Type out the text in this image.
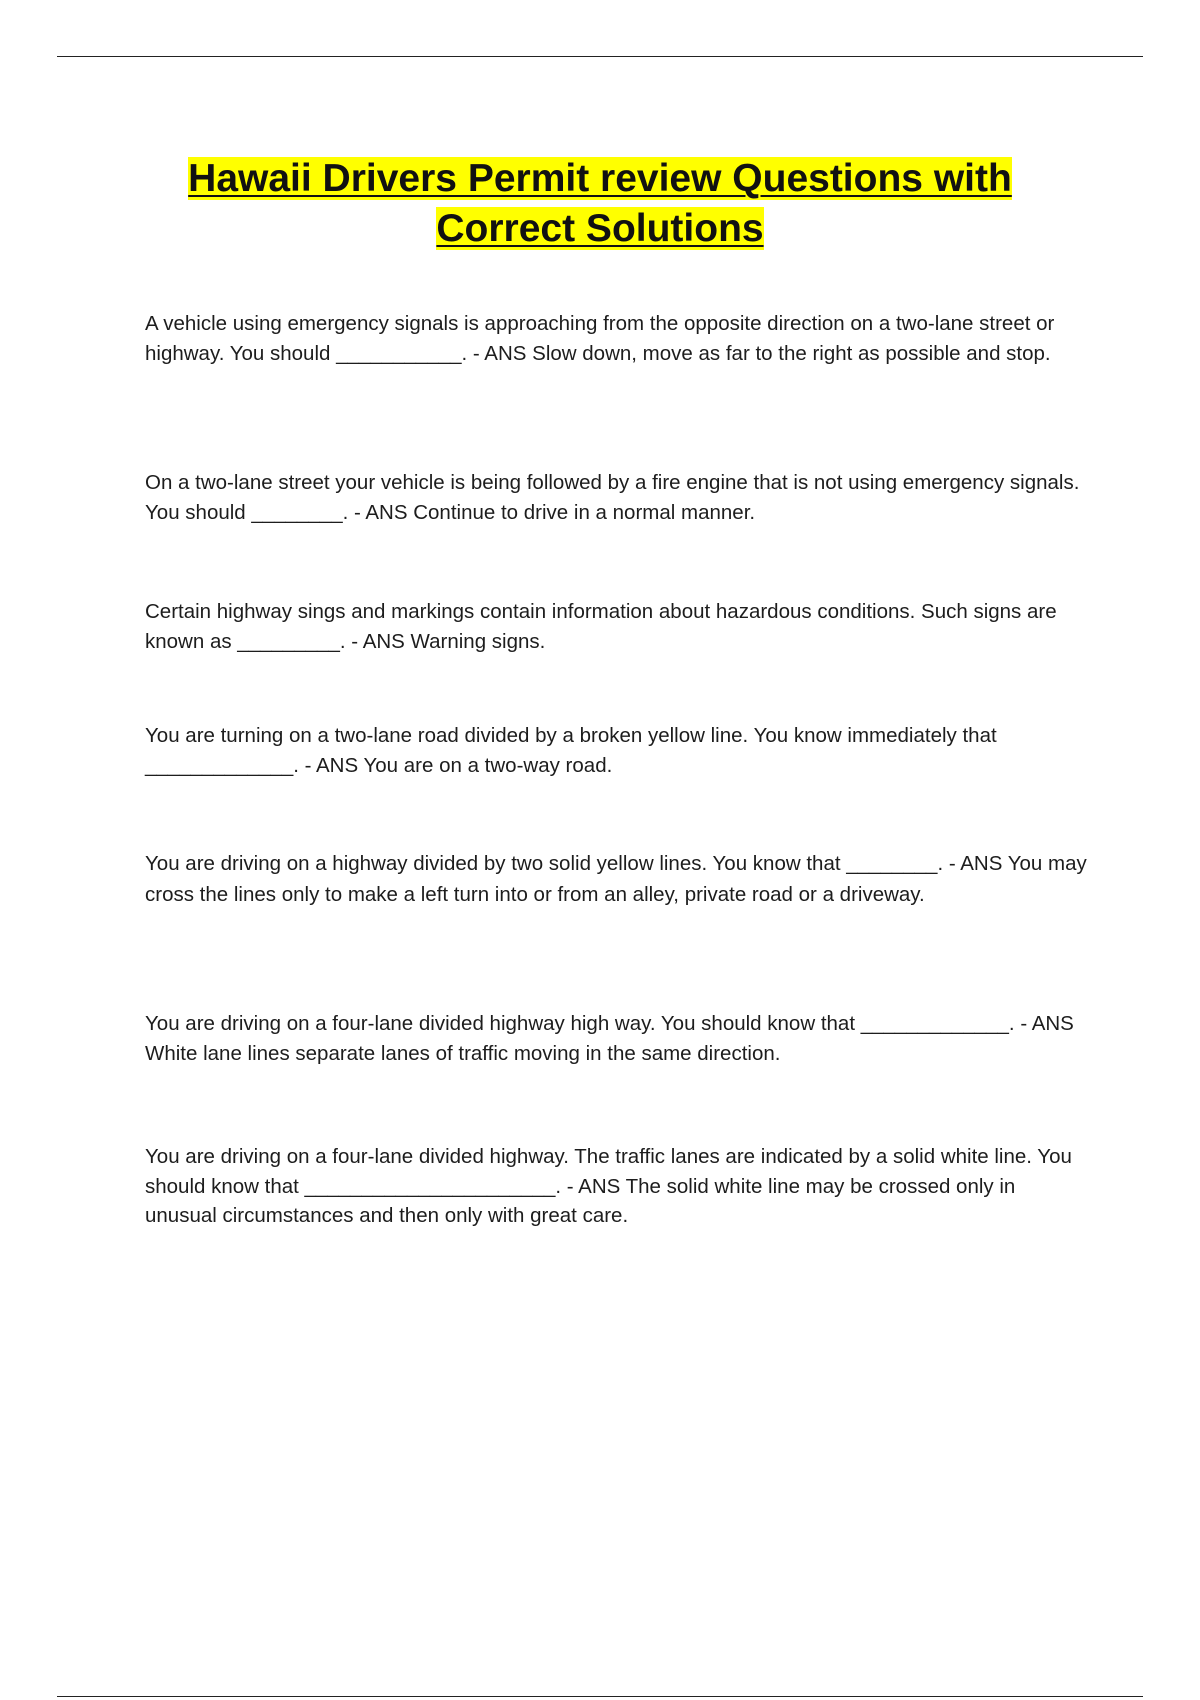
Hawaii Drivers Permit review Questions with
Correct Solutions

A vehicle using emergency signals is approaching from the opposite direction on a two-lane street or highway. You should ___________. - ANS Slow down, move as far to the right as possible and stop.

On a two-lane street your vehicle is being followed by a fire engine that is not using emergency signals. You should ________. - ANS Continue to drive in a normal manner.

Certain highway sings and markings contain information about hazardous conditions. Such signs are known as _________. - ANS Warning signs.

You are turning on a two-lane road divided by a broken yellow line. You know immediately that _____________. - ANS You are on a two-way road.

You are driving on a highway divided by two solid yellow lines. You know that ________. - ANS You may cross the lines only to make a left turn into or from an alley, private road or a driveway.

You are driving on a four-lane divided highway high way. You should know that _____________. - ANS White lane lines separate lanes of traffic moving in the same direction.

You are driving on a four-lane divided highway. The traffic lanes are indicated by a solid white line. You should know that ______________________. - ANS The solid white line may be crossed only in unusual circumstances and then only with great care.
